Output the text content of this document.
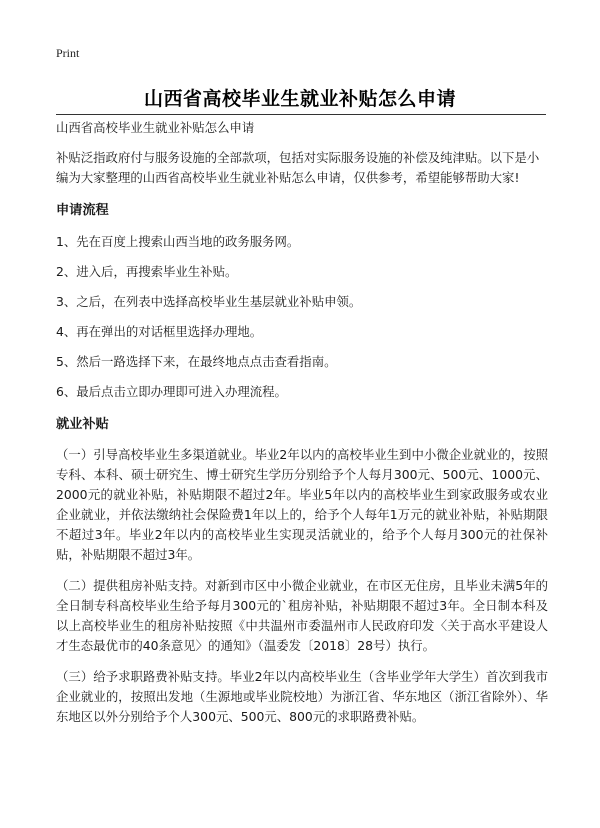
Print
山西省高校毕业生就业补贴怎么申请

山西省高校毕业生就业补贴怎么申请

补贴泛指政府付与服务设施的全部款项，包括对实际服务设施的补偿及纯津贴。以下是小编为大家整理的山西省高校毕业生就业补贴怎么申请，仅供参考，希望能够帮助大家!

申请流程

1、先在百度上搜索山西当地的政务服务网。

2、进入后，再搜索毕业生补贴。

3、之后，在列表中选择高校毕业生基层就业补贴申领。

4、再在弹出的对话框里选择办理地。

5、然后一路选择下来，在最终地点点击查看指南。

6、最后点击立即办理即可进入办理流程。

就业补贴

（一）引导高校毕业生多渠道就业。毕业2年以内的高校毕业生到中小微企业就业的，按照专科、本科、硕士研究生、博士研究生学历分别给予个人每月300元、500元、1000元、2000元的就业补贴，补贴期限不超过2年。毕业5年以内的高校毕业生到家政服务或农业企业就业，并依法缴纳社会保险费1年以上的，给予个人每年1万元的就业补贴，补贴期限不超过3年。毕业2年以内的高校毕业生实现灵活就业的，给予个人每月300元的社保补贴，补贴期限不超过3年。

（二）提供租房补贴支持。对新到市区中小微企业就业，在市区无住房，且毕业未满5年的全日制专科高校毕业生给予每月300元的`租房补贴，补贴期限不超过3年。全日制本科及以上高校毕业生的租房补贴按照《中共温州市委温州市人民政府印发〈关于高水平建设人才生态最优市的40条意见〉的通知》（温委发〔2018〕28号）执行。

（三）给予求职路费补贴支持。毕业2年以内高校毕业生（含毕业学年大学生）首次到我市企业就业的，按照出发地（生源地或毕业院校地）为浙江省、华东地区（浙江省除外）、华东地区以外分别给予个人300元、500元、800元的求职路费补贴。
